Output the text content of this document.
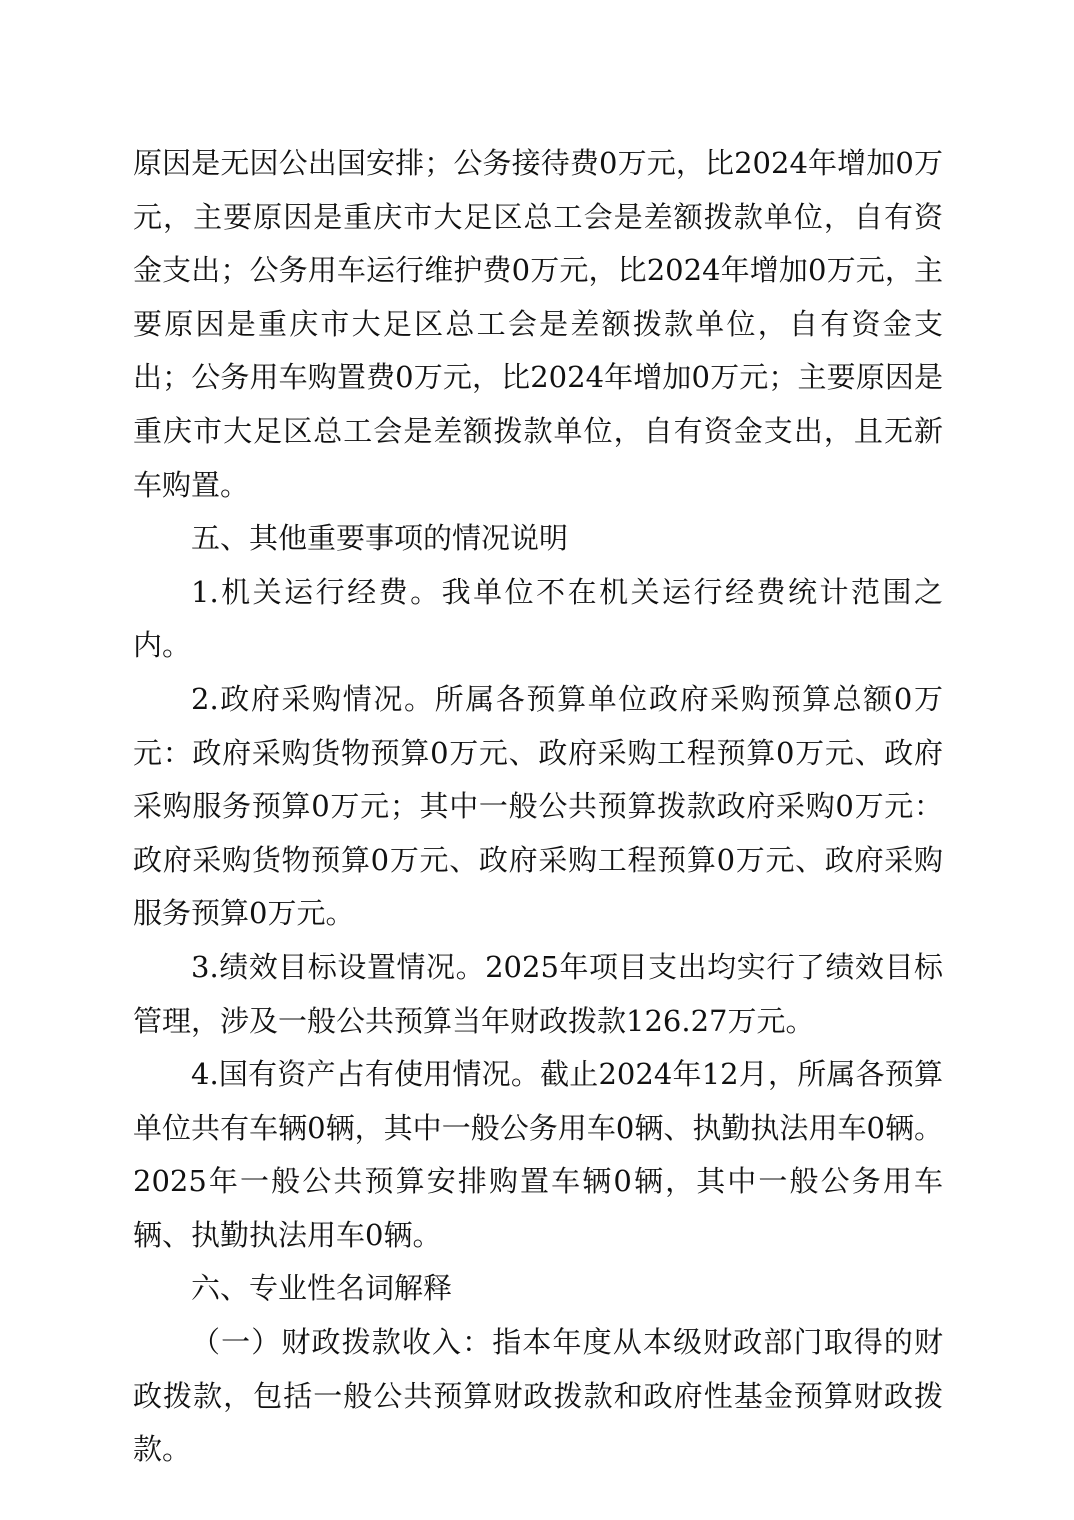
原因是无因公出国安排；公务接待费0万元，比2024年增加0万元，主要原因是重庆市大足区总工会是差额拨款单位，自有资金支出；公务用车运行维护费0万元，比2024年增加0万元，主要原因是重庆市大足区总工会是差额拨款单位，自有资金支出；公务用车购置费0万元，比2024年增加0万元；主要原因是重庆市大足区总工会是差额拨款单位，自有资金支出，且无新车购置。

五、其他重要事项的情况说明

1.机关运行经费。我单位不在机关运行经费统计范围之内。

2.政府采购情况。所属各预算单位政府采购预算总额0万元：政府采购货物预算0万元、政府采购工程预算0万元、政府采购服务预算0万元；其中一般公共预算拨款政府采购0万元：政府采购货物预算0万元、政府采购工程预算0万元、政府采购服务预算0万元。

3.绩效目标设置情况。2025年项目支出均实行了绩效目标管理，涉及一般公共预算当年财政拨款126.27万元。

4.国有资产占有使用情况。截止2024年12月，所属各预算单位共有车辆0辆，其中一般公务用车0辆、执勤执法用车0辆。2025年一般公共预算安排购置车辆0辆，其中一般公务用车 辆、执勤执法用车0辆。

六、专业性名词解释

（一）财政拨款收入：指本年度从本级财政部门取得的财政拨款，包括一般公共预算财政拨款和政府性基金预算财政拨款。
